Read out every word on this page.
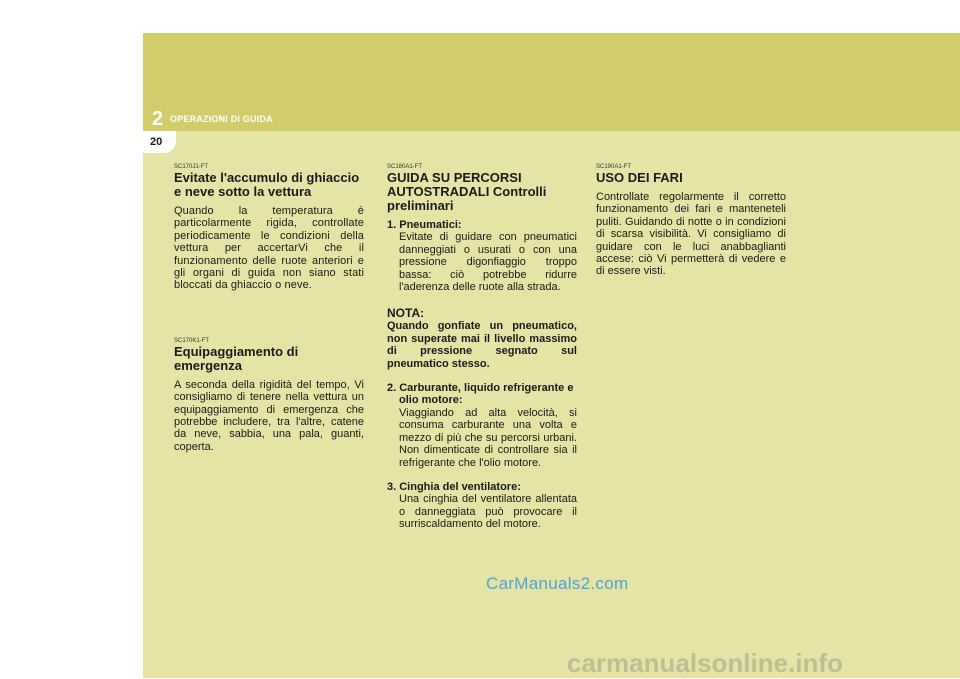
2 OPERAZIONI DI GUIDA
20

SC170J1-FT

Evitate l'accumulo di ghiaccio e neve sotto la vettura

Quando la temperatura è particolarmente rigida, controllate periodicamente le condizioni della vettura per accertarVi che il funzionamento delle ruote anteriori e gli organi di guida non siano stati bloccati da ghiaccio o neve.

SC170K1-FT

Equipaggiamento di emergenza

A seconda della rigidità del tempo, Vi consigliamo di tenere nella vettura un equipaggiamento di emergenza che potrebbe includere, tra l'altre, catene da neve, sabbia, una pala, guanti, coperta.

SC180A1-FT

GUIDA SU PERCORSI AUTOSTRADALI Controlli preliminari

1. Pneumatici:

Evitate di guidare con pneumatici danneggiati o usurati o con una pressione digonfiaggio troppo bassa: ciò potrebbe ridurre l'aderenza delle ruote alla strada.

NOTA:

Quando gonfiate un pneumatico, non superate mai il livello massimo di pressione segnato sul pneumatico stesso.

2. Carburante, liquido refrigerante e olio motore:

Viaggiando ad alta velocità, si consuma carburante una volta e mezzo di più che su percorsi urbani. Non dimenticate di controllare sia il refrigerante che l'olio motore.

3. Cinghia del ventilatore:

Una cinghia del ventilatore allentata o danneggiata può provocare il surriscaldamento del motore.

SC190A1-FT

USO DEI FARI

Controllate regolarmente il corretto funzionamento dei fari e manteneteli puliti. Guidando di notte o in condizioni di scarsa visibilità. Vi consigliamo di guidare con le luci anabbaglianti accese: ciò Vi permetterà di vedere e di essere visti.

CarManuals2.com
carmanualsonline.info
